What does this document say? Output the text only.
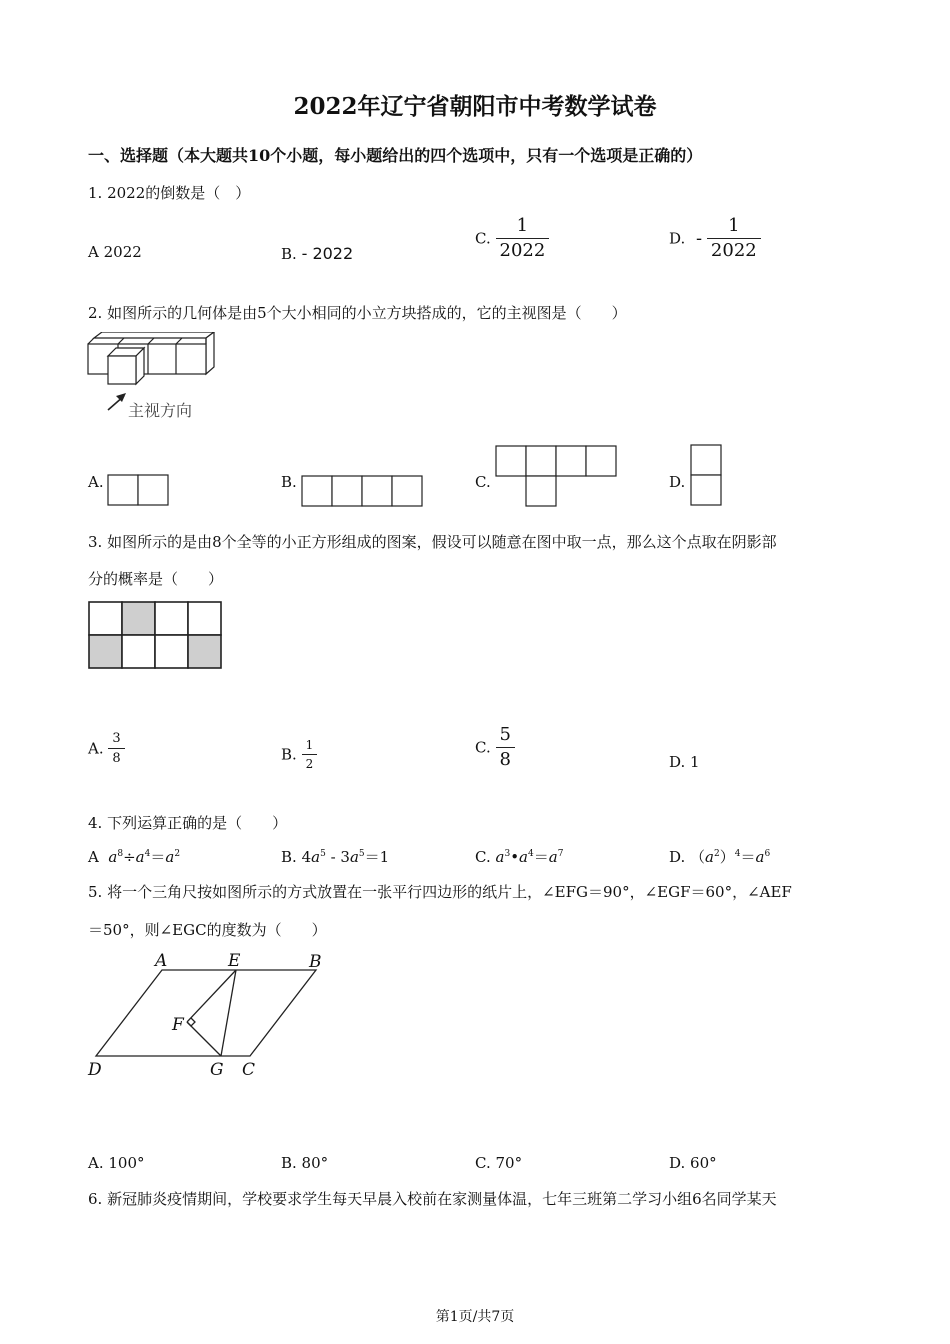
2022年辽宁省朝阳市中考数学试卷
一、选择题（本大题共10个小题，每小题给出的四个选项中，只有一个选项是正确的）
1. 2022的倒数是（　）
A 2022	B. - 2022
C. $\frac{1}{2022}$	D. - $\frac{1}{2022}$
2. 如图所示的几何体是由5个大小相同的小立方块搭成的，它的主视图是（　　）
主视方向
A.	B.	C.	D.
3. 如图所示的是由8个全等的小正方形组成的图案，假设可以随意在图中取一点，那么这个点取在阴影部
分的概率是（　　）
A. $\frac{3}{8}$	B. $\frac{1}{2}$	C. $\frac{5}{8}$	D. 1
4. 下列运算正确的是（　　）
A $a^8\div a^4=a^2$	B. $4a^5 - 3a^5=1$	C. $a^3•a^4=a^7$	D. $(a^2)^4=a^6$
5. 将一个三角尺按如图所示的方式放置在一张平行四边形的纸片上，∠EFG＝90°，∠EGF＝60°，∠AEF
＝50°，则∠EGC的度数为（　　）
A	E	B
F
D	G C
A. 100°	B. 80°	C. 70°	D. 60°
6. 新冠肺炎疫情期间，学校要求学生每天早晨入校前在家测量体温，七年三班第二学习小组6名同学某天
第1页/共7页
